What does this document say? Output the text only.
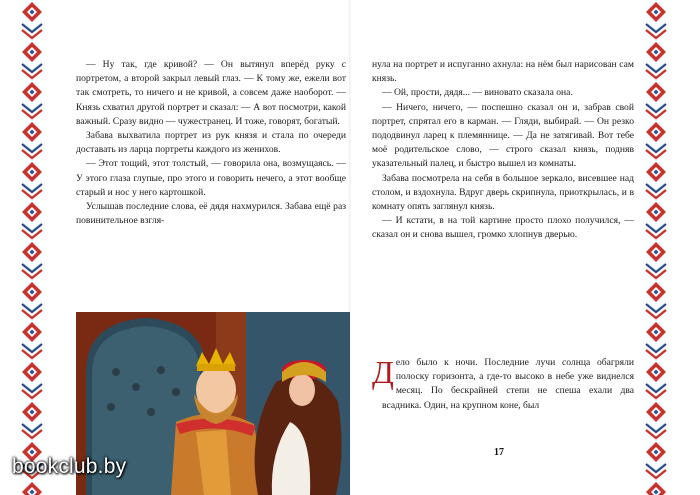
— Ну так, где кривой? — Он вытянул вперёд руку с портретом, а второй закрыл левый глаз. — К тому же, ежели вот так смотреть, то ничего и не кривой, а совсем даже наоборот. — Князь схватил другой портрет и сказал: — А вот посмотри, какой важный. Сразу видно — чужестранец. И тоже, говорят, богатый.

Забава выхватила портрет из рук князя и стала по очереди доставать из ларца портреты каждого из женихов.

— Этот тощий, этот толстый, — говорила она, возмущаясь. — У этого глаза глупые, про этого и говорить нечего, а этот вообще старый и нос у него картошкой.

Услышав последние слова, её дядя нахмурился. Забава ещё раз повинительное взгля-

нула на портрет и испуганно ахнула: на нём был нарисован сам князь.

— Ой, прости, дядя... — виновато сказала она.

— Ничего, ничего, — поспешно сказал он и, забрав свой портрет, спрятал его в карман. — Гляди, выбирай. — Он резко пододвинул ларец к племяннице. — Да не затягивай. Вот тебе моё родительское слово, — строго сказал князь, подняв указательный палец, и быстро вышел из комнаты.

Забава посмотрела на себя в большое зеркало, висевшее над столом, и вздохнула. Вдруг дверь скрипнула, приоткрылась, и в комнату опять заглянул князь.

— И кстати, в на той картине просто плохо получился, — сказал он и снова вышел, громко хлопнув дверью.

Д ело было к ночи. Последние лучи солнца обагряли полоску горизонта, а где-то высоко в небе уже виднелся месяц. По бескрайней степи не спеша ехали два всадника. Один, на крупном коне, был

17
bookclub.by
